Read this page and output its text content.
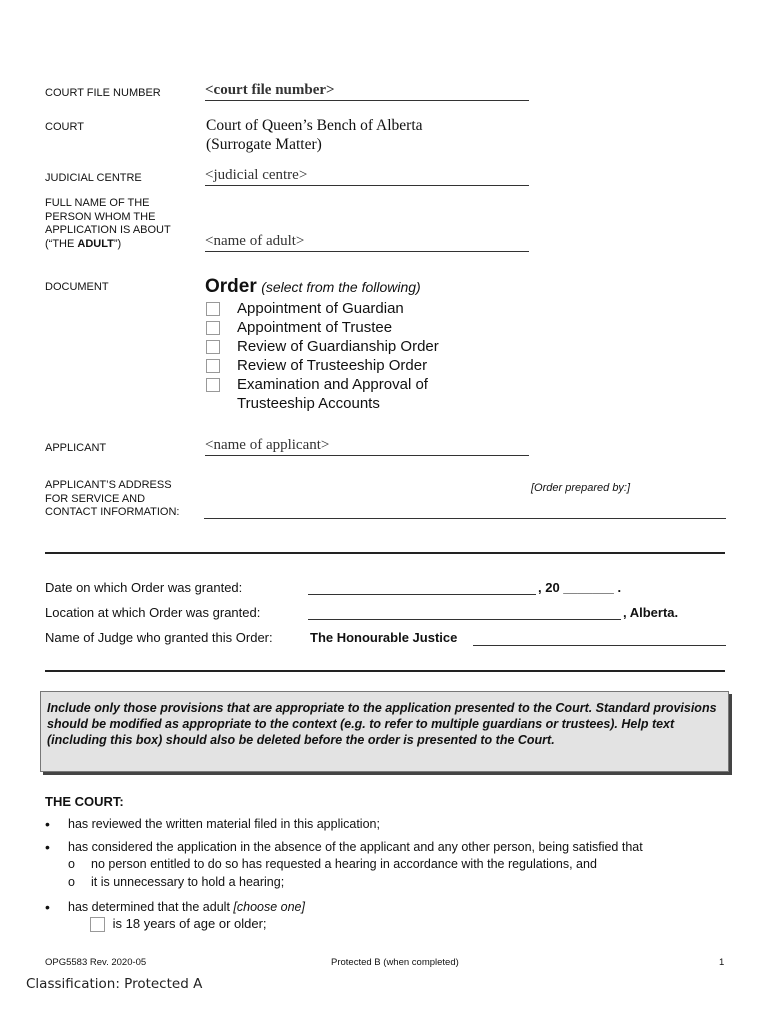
COURT FILE NUMBER	<court file number>
COURT	Court of Queen’s Bench of Alberta
(Surrogate Matter)
JUDICIAL CENTRE	<judicial centre>
FULL NAME OF THE
PERSON WHOM THE
APPLICATION IS ABOUT
(“THE ADULT”)	<name of adult>
DOCUMENT	Order (select from the following)
Appointment of Guardian
Appointment of Trustee
Review of Guardianship Order
Review of Trusteeship Order
Examination and Approval of
Trusteeship Accounts
APPLICANT	<name of applicant>
APPLICANT’S ADDRESS
FOR SERVICE AND
CONTACT INFORMATION:
[Order prepared by:]
Date on which Order was granted:	, 20 _______ .
Location at which Order was granted:	, Alberta.
Name of Judge who granted this Order:	The Honourable Justice
Include only those provisions that are appropriate to the application presented to the Court. Standard provisions should be modified as appropriate to the context (e.g. to refer to multiple guardians or trustees). Help text (including this box) should also be deleted before the order is presented to the Court.
THE COURT:
• has reviewed the written material filed in this application;
• has considered the application in the absence of the applicant and any other person, being satisfied that
o no person entitled to do so has requested a hearing in accordance with the regulations, and
o it is unnecessary to hold a hearing;
• has determined that the adult [choose one]
is 18 years of age or older;
OPG5583 Rev. 2020-05	Protected B (when completed)	1
Classification: Protected A
